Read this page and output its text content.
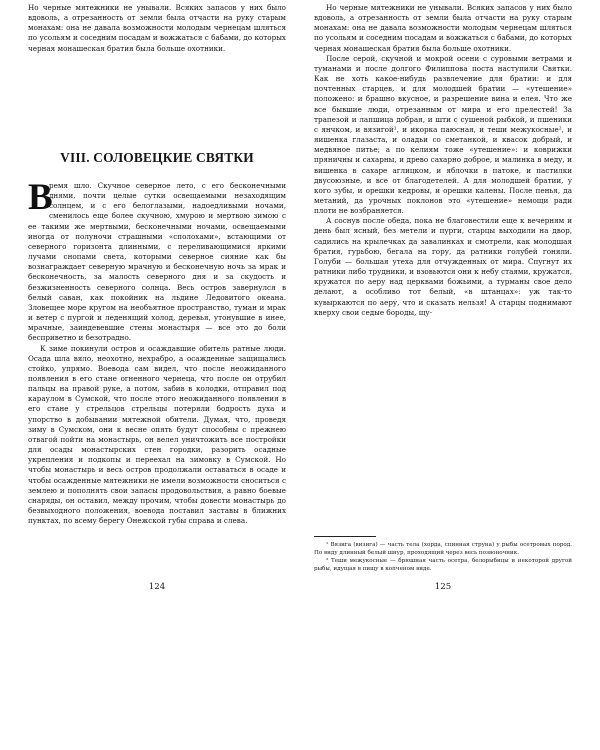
Но черные мятежники не унывали. Всяких запасов у них было вдоволь, а отрезанность от земли была отчасти на руку старым монахам: она не давала возможности молодым чернецам шляться по усольям и соседним посадам и вожжаться с бабами, до которых черная монашеская братия была больше охотники.

VIII. СОЛОВЕЦКИЕ СВЯТКИ
В

ремя шло. Скучное северное лето, с его бесконечными днями, почти целые сутки освещаемыми незаходящим солнцем, и с его белоглазыми, надоедливыми ночами, сменилось еще более скучною, хмурою и мертвою зимою с ее такими же мертвыми, бесконечными ночами, освещаемыми иногда от полуночи страшными «сполохами», встающими от северного горизонта длинными, с переливающимися яркими лучами снопами света, которыми северное сияние как бы вознаграждает северную мрачную и бесконечную ночь за мрак и бесконечность, за малость северного дня и за скудость и безжизненность северного солнца. Весь остров завернулся в белый саван, как покойник на льдине Ледовитого океана. Зловещее море кругом на необъятное пространство, туман и мрак и ветер с пургой и леденящий холод, деревья, утонувшие в инее, мрачные, заиндевевшие стены монастыря — все это до боли бесприветно и безотрадно.

К зиме покинули остров и осаждавшие обитель ратные люди. Осада шла вяло, неохотно, нехрабро, а осажденные защищались стойко, упрямо. Воевода сам видел, что после неожиданного появления в его стане огненного чернеца, что после он отрубил пальцы на правой руке, а потом, забив в колодки, отправил под караулом в Сумской, что после этого неожиданного появления в его стане у стрельцов стрельцы потеряли бодрость духа и упорство в добывании мятежной обители. Думая, что, проведя зиму в Сумском, они к весне опять будут способны с прежнею отвагой пойти на монастырь, он велел уничтожить все постройки для осады монастырских стен городки, разорить осадные укрепления и подкопы и переехал на зимовку в Сумской. Но чтобы монастырь и весь остров продолжали оставаться в осаде и чтобы осажденные мятежники не имели возможности сноситься с землею и пополнять свои запасы продовольствия, а равно боевые снаряды, он оставил, между прочим, чтобы довести монастырь до безвыходного положения, воевода поставил заставы в ближних пунктах, по всему берегу Онежской губы справа и слева.

124

Но черные мятежники не унывали. Всяких запасов у них было вдоволь, а отрезанность от земли была отчасти на руку старым монахам: она не давала возможности молодым чернецам шляться по усольям и соседним посадам и вожжаться с бабами, до которых черная монашеская братия была больше охотники.

После серой, скучной и мокрой осени с суровыми ветрами и туманами и после долгого Филиппова поста наступили Святки. Как не хоть какое-нибудь развлечение для братии: и для почтенных старцев, и для молодшей братии — «утешение» положено: и брашно вкусное, и разрешение вина и елея. Что же все бывшие люди, отрезанным от мира и его прелестей! За трапезой и лапшица добрая, и шти с сушеной рыбкой, и пшеники с янчком, и вязигой¹, и икорка паюсная, и теши межукосные², и яишенка глазаста, и оладьи со сметанкой, и квасок добрый, и медвяное питье; а по келиям тоже «утешение»: и коврижки пряничны и сахарны, и древо сахарно доброе, и малинка в меду, и вишенка в сахаре аглицком, и яблочки в патоке, и пастилки двусоюзные, и все от благодетелей. А для молодшей братии, у кого зубы, и орешки кедровы, и орешки калены. После пенья, да метаний, да урочных поклонов это «утешение» немощи ради плоти не возбраняется.

А соснув после обеда, пока не благовестили еще к вечерням и день был ясный, без метели и пурги, старцы выходили на двор, садились на крылечках да завалинках и смотрели, как молодшая братия, гурьбою, бегала на гору, да ратники голубей гоняли. Голуби — большая утеха для отчужденных от мира. Спугнут их ратники либо трудники, и взовьются они к небу стаями, кружатся, кружатся по аеру над церквами божьими, а турманы свое дело делают, а особливо тот белый, «в штанцах»: уж так-то кувыркаются по аеру, что и сказать нельзя! А старцы поднимают кверху свои седые бороды, щу-

¹ Вязига (визига) — часть тела (хорда, спинная струна) у рыбы осетровых пород. По виду длинный белый шнур, проходящий через весь позвоночник.

² Теши межукосные — брюшная часть осетра, белорыбицы и некоторой другой рыбы, идущая в пищу в копченом виде.

125
